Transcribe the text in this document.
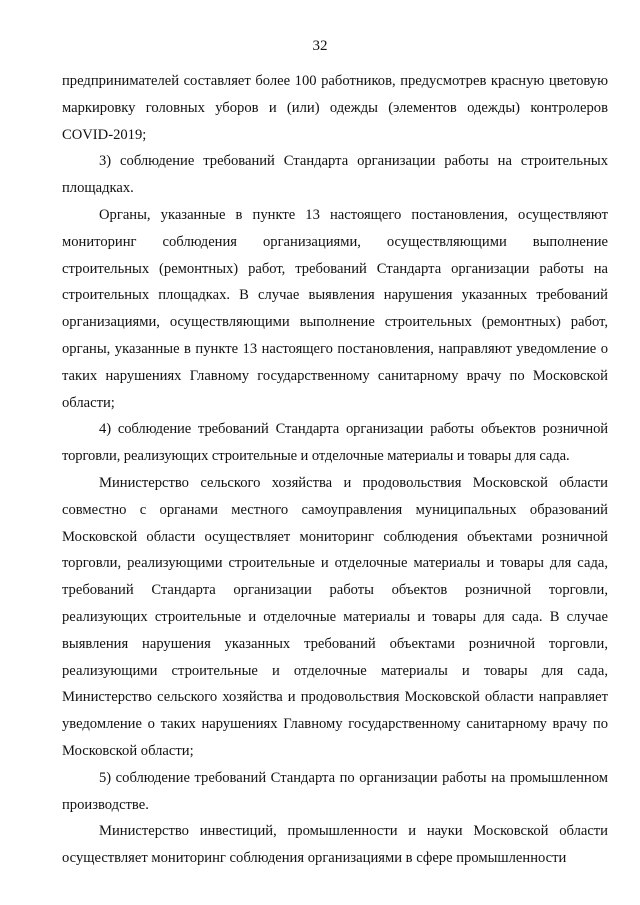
32

предпринимателей составляет более 100 работников, предусмотрев красную цветовую маркировку головных уборов и (или) одежды (элементов одежды) контролеров COVID-2019;

3) соблюдение требований Стандарта организации работы на строительных площадках.

Органы, указанные в пункте 13 настоящего постановления, осуществляют мониторинг соблюдения организациями, осуществляющими выполнение строительных (ремонтных) работ, требований Стандарта организации работы на строительных площадках. В случае выявления нарушения указанных требований организациями, осуществляющими выполнение строительных (ремонтных) работ, органы, указанные в пункте 13 настоящего постановления, направляют уведомление о таких нарушениях Главному государственному санитарному врачу по Московской области;

4) соблюдение требований Стандарта организации работы объектов розничной торговли, реализующих строительные и отделочные материалы и товары для сада.

Министерство сельского хозяйства и продовольствия Московской области совместно с органами местного самоуправления муниципальных образований Московской области осуществляет мониторинг соблюдения объектами розничной торговли, реализующими строительные и отделочные материалы и товары для сада, требований Стандарта организации работы объектов розничной торговли, реализующих строительные и отделочные материалы и товары для сада. В случае выявления нарушения указанных требований объектами розничной торговли, реализующими строительные и отделочные материалы и товары для сада, Министерство сельского хозяйства и продовольствия Московской области направляет уведомление о таких нарушениях Главному государственному санитарному врачу по Московской области;

5) соблюдение требований Стандарта по организации работы на промышленном производстве.

Министерство инвестиций, промышленности и науки Московской области осуществляет мониторинг соблюдения организациями в сфере промышленности
